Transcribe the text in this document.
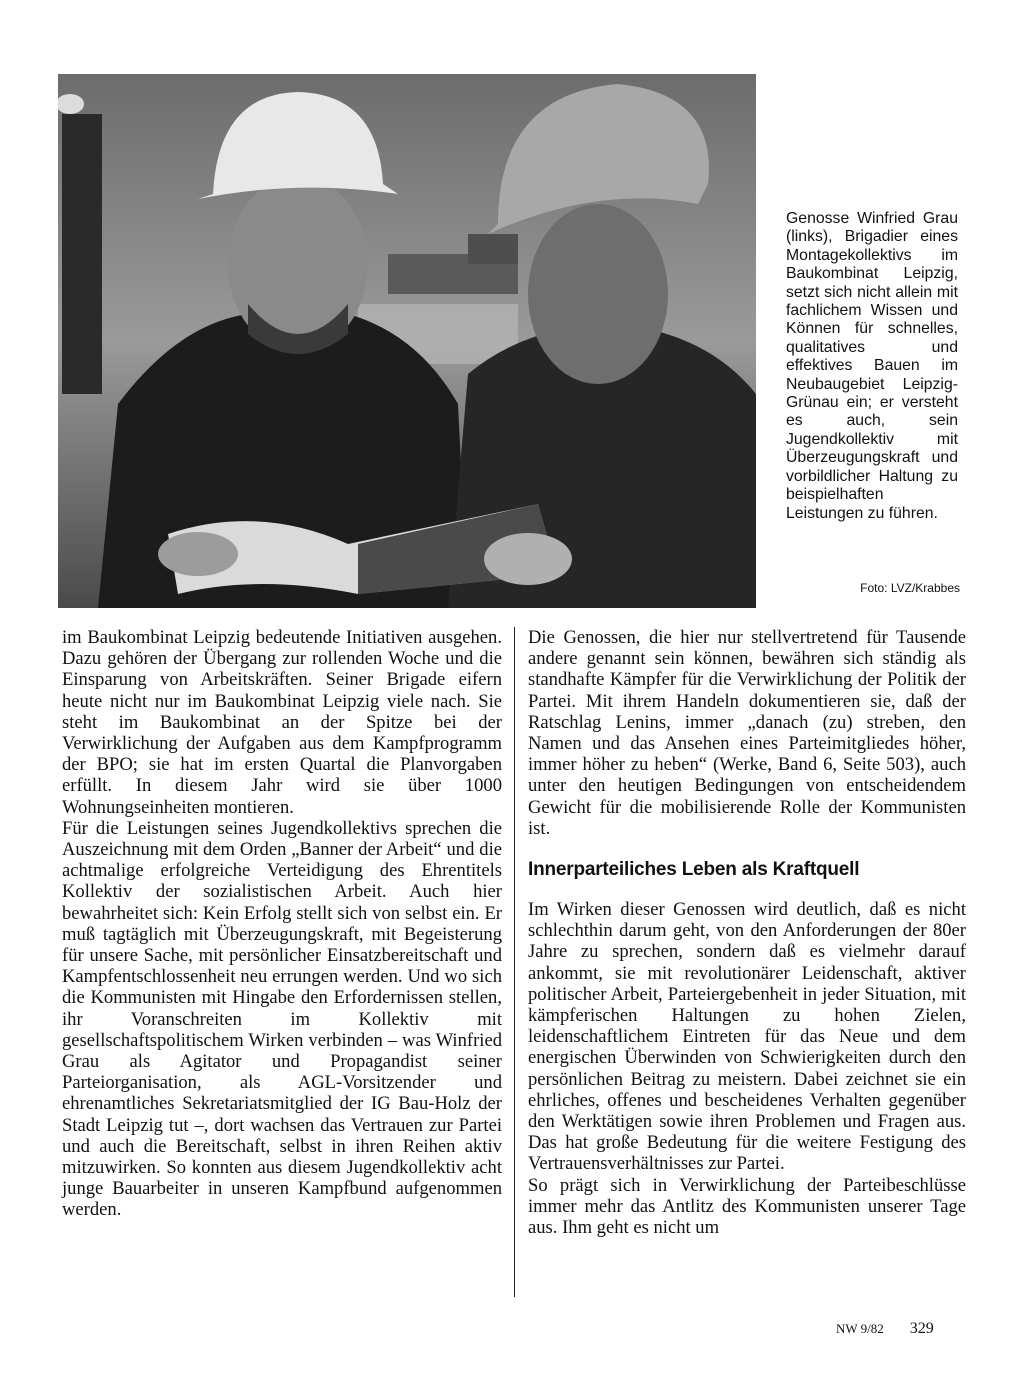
Genosse Winfried Grau (links), Brigadier eines Montagekollektivs im Baukombinat Leipzig, setzt sich nicht allein mit fachlichem Wissen und Können für schnelles, qualitatives und effektives Bauen im Neubaugebiet Leipzig-Grünau ein; er versteht es auch, sein Jugendkollektiv mit Überzeugungskraft und vorbildlicher Haltung zu beispielhaften Leistungen zu führen.

Foto: LVZ/Krabbes

im Baukombinat Leipzig bedeutende Initiativen ausgehen. Dazu gehören der Übergang zur rollenden Woche und die Einsparung von Arbeitskräften. Seiner Brigade eifern heute nicht nur im Baukombinat Leipzig viele nach. Sie steht im Baukombinat an der Spitze bei der Verwirklichung der Aufgaben aus dem Kampfprogramm der BPO; sie hat im ersten Quartal die Planvorgaben erfüllt. In diesem Jahr wird sie über 1000 Wohnungseinheiten montieren.

Für die Leistungen seines Jugendkollektivs sprechen die Auszeichnung mit dem Orden „Banner der Arbeit“ und die achtmalige erfolgreiche Verteidigung des Ehrentitels Kollektiv der sozialistischen Arbeit. Auch hier bewahrheitet sich: Kein Erfolg stellt sich von selbst ein. Er muß tagtäglich mit Überzeugungskraft, mit Begeisterung für unsere Sache, mit persönlicher Einsatzbereitschaft und Kampfentschlossenheit neu errungen werden. Und wo sich die Kommunisten mit Hingabe den Erfordernissen stellen, ihr Voranschreiten im Kollektiv mit gesellschaftspolitischem Wirken verbinden – was Winfried Grau als Agitator und Propagandist seiner Parteiorganisation, als AGL-Vorsitzender und ehrenamtliches Sekretariatsmitglied der IG Bau-Holz der Stadt Leipzig tut –, dort wachsen das Vertrauen zur Partei und auch die Bereitschaft, selbst in ihren Reihen aktiv mitzuwirken. So konnten aus diesem Jugendkollektiv acht junge Bauarbeiter in unseren Kampfbund aufgenommen werden.

Die Genossen, die hier nur stellvertretend für Tausende andere genannt sein können, bewähren sich ständig als standhafte Kämpfer für die Verwirklichung der Politik der Partei. Mit ihrem Handeln dokumentieren sie, daß der Ratschlag Lenins, immer „danach (zu) streben, den Namen und das Ansehen eines Parteimitgliedes höher, immer höher zu heben“ (Werke, Band 6, Seite 503), auch unter den heutigen Bedingungen von entscheidendem Gewicht für die mobilisierende Rolle der Kommunisten ist.

Innerparteiliches Leben als Kraftquell

Im Wirken dieser Genossen wird deutlich, daß es nicht schlechthin darum geht, von den Anforderungen der 80er Jahre zu sprechen, sondern daß es vielmehr darauf ankommt, sie mit revolutionärer Leidenschaft, aktiver politischer Arbeit, Parteiergebenheit in jeder Situation, mit kämpferischen Haltungen zu hohen Zielen, leidenschaftlichem Eintreten für das Neue und dem energischen Überwinden von Schwierigkeiten durch den persönlichen Beitrag zu meistern. Dabei zeichnet sie ein ehrliches, offenes und bescheidenes Verhalten gegenüber den Werktätigen sowie ihren Problemen und Fragen aus. Das hat große Bedeutung für die weitere Festigung des Vertrauensverhältnisses zur Partei.

So prägt sich in Verwirklichung der Parteibeschlüsse immer mehr das Antlitz des Kommunisten unserer Tage aus. Ihm geht es nicht um

NW 9/82 329
